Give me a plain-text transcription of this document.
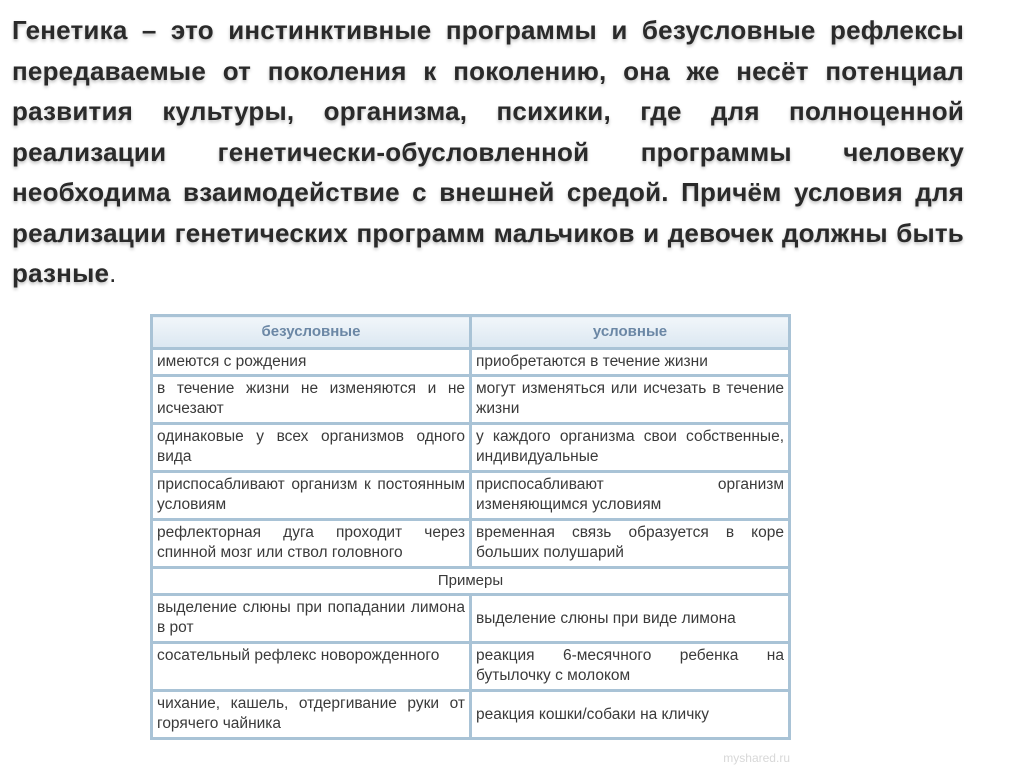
Генетика – это инстинктивные программы и безусловные рефлексы передаваемые от поколения к поколению, она же несёт потенциал развития культуры, организма, психики, где для полноценной реализации генетически-обусловленной программы человеку необходима взаимодействие с внешней средой. Причём условия для реализации генетических программ мальчиков и девочек должны быть разные.
безусловные	условные
имеются с рождения	приобретаются в течение жизни
в течение жизни не изменяются и не исчезают	могут изменяться или исчезать в течение жизни
одинаковые у всех организмов одного вида	у каждого организма свои собственные, индивидуальные
приспосабливают организм к постоянным условиям	приспосабливают организм изменяющимся условиям
рефлекторная дуга проходит через спинной мозг или ствол головного	временная связь образуется в коре больших полушарий
Примеры	
выделение слюны при попадании лимона в рот	выделение слюны при виде лимона
сосательный рефлекс новорожденного	реакция 6-месячного ребенка на бутылочку с молоком
чихание, кашель, отдергивание руки от горячего чайника	реакция кошки/собаки на кличку
myshared.ru
